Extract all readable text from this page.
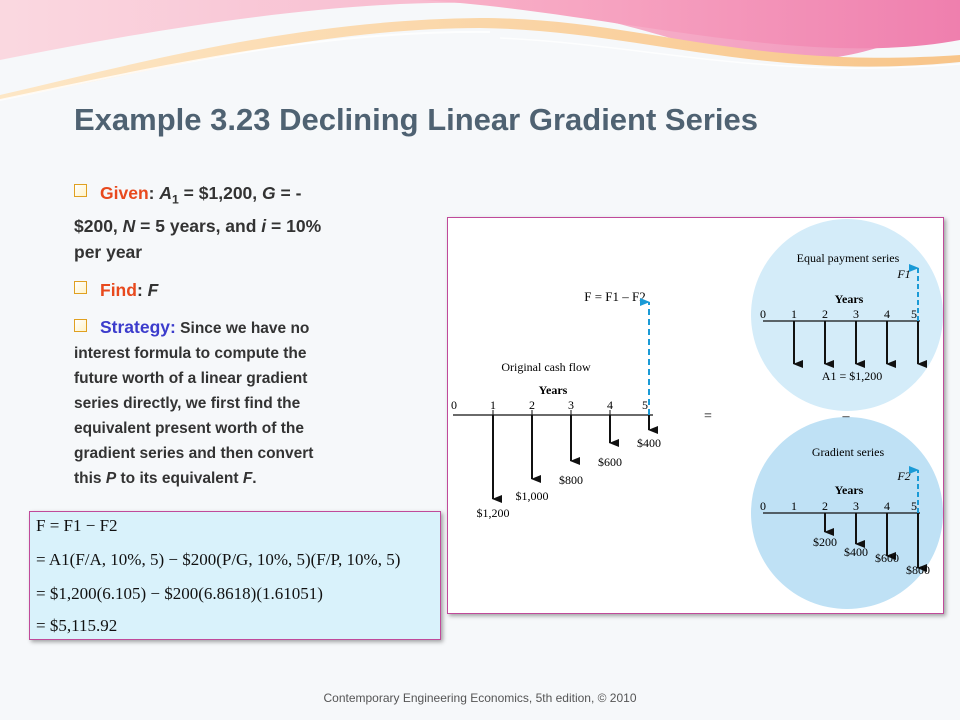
Example 3.23 Declining Linear Gradient Series
Given: $A_1$ = $1,200, G = -
$200, N = 5 years, and i = 10%
per year
Find: F
Strategy: Since we have no
interest formula to compute the
future worth of a linear gradient
series directly, we first find the
equivalent present worth of the
gradient series and then convert
this P to its equivalent F.
F = F1 – F2
Original cash flow
Years
0	1	2	3	4 5
$1,200
$1,000
$800
$600
$400
=	–
Equal payment series
F1
Years
0 1 2 3 4 5
A1 = $1,200
Gradient series
F2
Years
0 1 2 3 4 5
$200
$400 $600
$800
F = F1 − F2
= A1(F/A, 10%, 5) − $200(P/G, 10%, 5)(F/P, 10%, 5)
= $1,200(6.105) − $200(6.8618)(1.61051)
= $5,115.92
Contemporary Engineering Economics, 5th edition, © 2010
